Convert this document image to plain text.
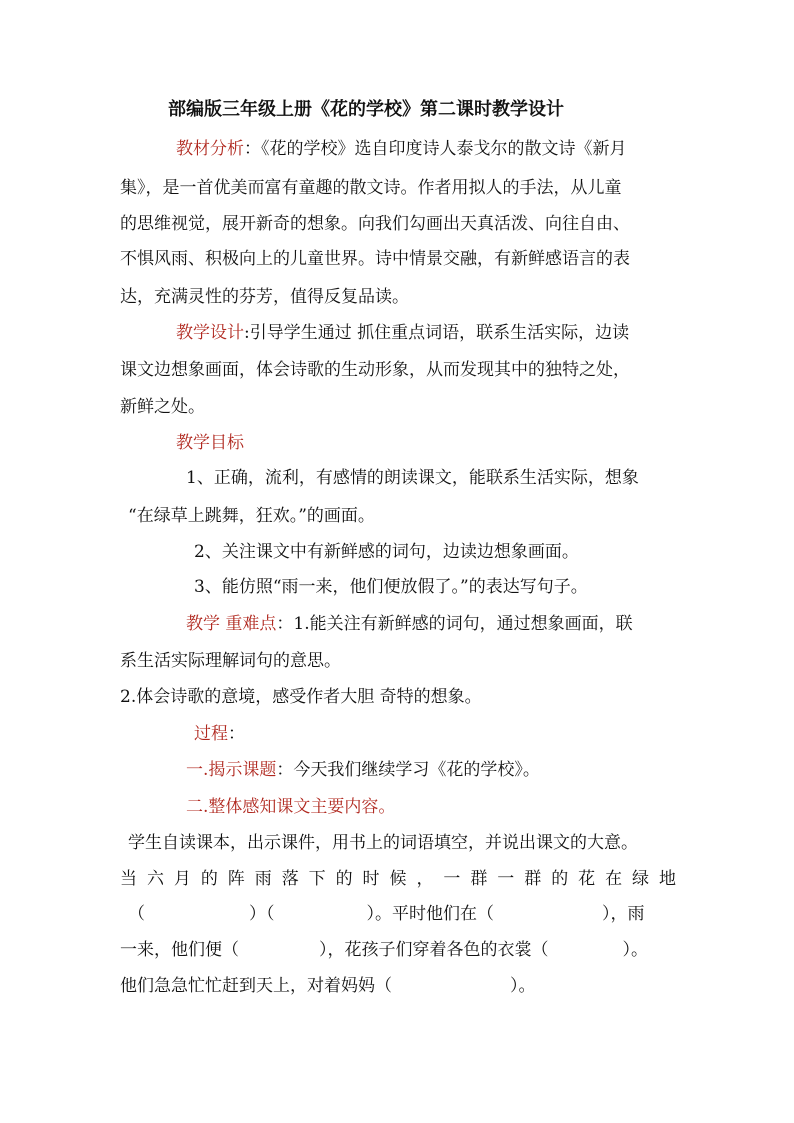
部编版三年级上册《花的学校》第二课时教学设计
教材分析：《花的学校》选自印度诗人泰戈尔的散文诗《新月
集》，是一首优美而富有童趣的散文诗。作者用拟人的手法，从儿童
的思维视觉，展开新奇的想象。向我们勾画出天真活泼、向往自由、
不惧风雨、积极向上的儿童世界。诗中情景交融，有新鲜感语言的表
达，充满灵性的芬芳，值得反复品读。
教学设计:引导学生通过 抓住重点词语，联系生活实际，边读
课文边想象画面，体会诗歌的生动形象，从而发现其中的独特之处，
新鲜之处。
教学目标
1、正确，流利，有感情的朗读课文，能联系生活实际，想象
“在绿草上跳舞，狂欢。”的画面。
2、关注课文中有新鲜感的词句，边读边想象画面。
3、能仿照“雨一来，他们便放假了。”的表达写句子。
教学 重难点：1.能关注有新鲜感的词句，通过想象画面，联
系生活实际理解词句的意思。
2.体会诗歌的意境，感受作者大胆 奇特的想象。
过程：
一.揭示课题：今天我们继续学习《花的学校》。
二.整体感知课文主要内容。
学生自读课本，出示课件，用书上的词语填空，并说出课文的大意。
当六月的阵雨落下的时候，一群一群的花在绿地
（	）（	）。平时他们在（	），雨
一来，他们便（	），花孩子们穿着各色的衣裳（	）。
他们急急忙忙赶到天上，对着妈妈（	）。
